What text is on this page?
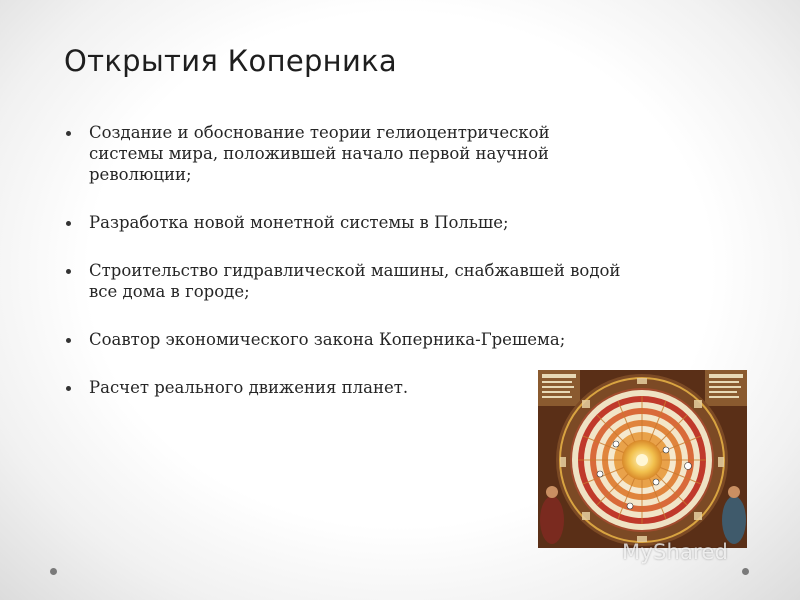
Открытия Коперника
Создание и обоснование теории гелиоцентрической системы мира, положившей начало первой научной революции;
Разработка новой монетной системы в Польше;
Строительство гидравлической машины, снабжавшей водой все дома в городе;
Соавтор экономического закона Коперника-Грешема;
Расчет реального движения планет.
MyShared
